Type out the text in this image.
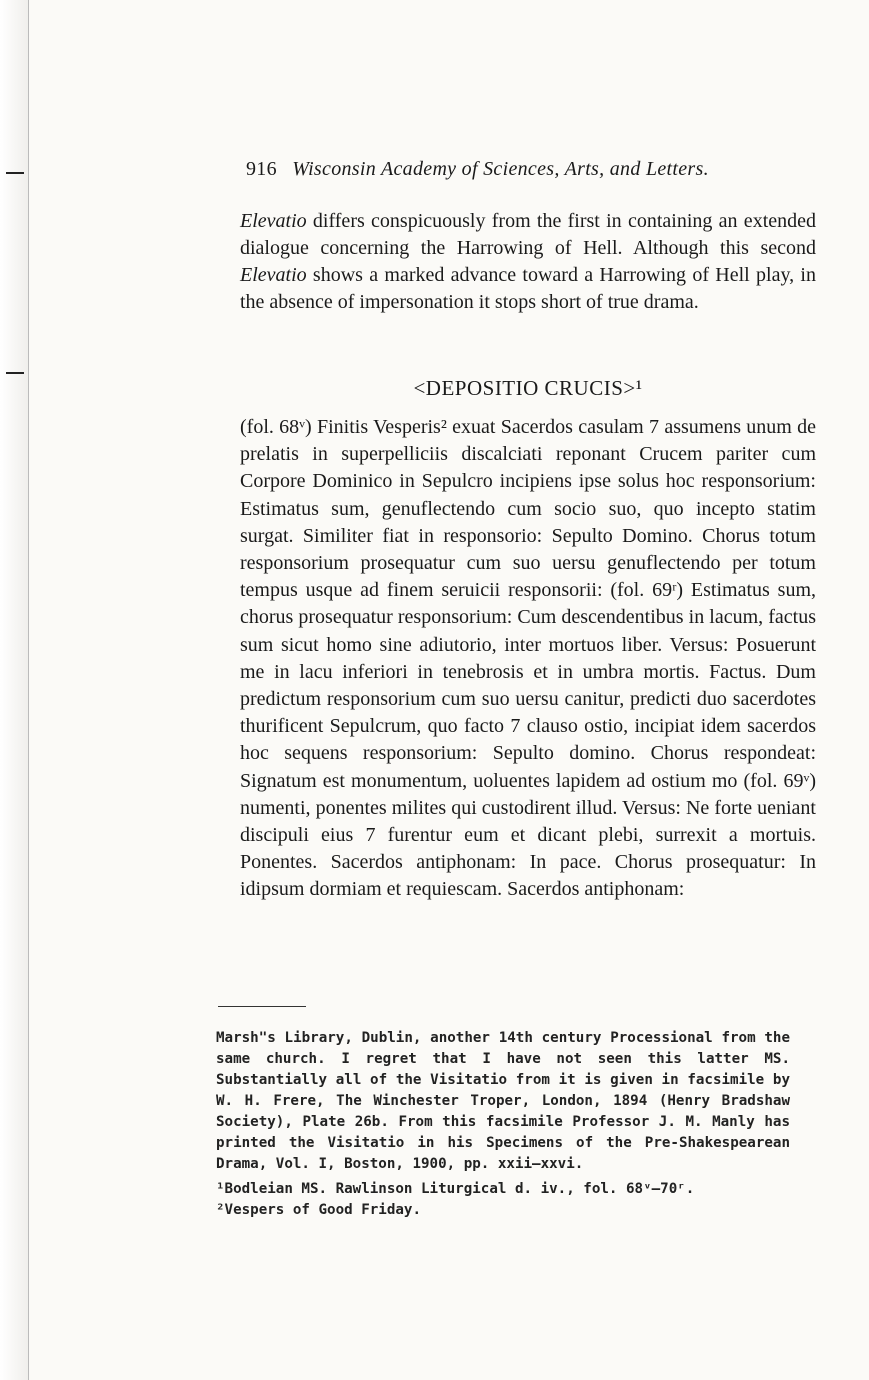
916 Wisconsin Academy of Sciences, Arts, and Letters.
Elevatio differs conspicuously from the first in containing an extended dialogue concerning the Harrowing of Hell. Although this second Elevatio shows a marked advance toward a Harrowing of Hell play, in the absence of impersonation it stops short of true drama.
<DEPOSITIO CRUCIS>¹

(fol. 68ᵛ) Finitis Vesperis² exuat Sacerdos casulam 7 assumens unum de prelatis in superpelliciis discalciati reponant Crucem pariter cum Corpore Dominico in Sepulcro incipiens ipse solus hoc responsorium: Estimatus sum, genuflectendo cum socio suo, quo incepto statim surgat. Similiter fiat in responsorio: Sepulto Domino. Chorus totum responsorium prosequatur cum suo uersu genuflectendo per totum tempus usque ad finem seruicii responsorii: (fol. 69ʳ) Estimatus sum, chorus prosequatur responsorium: Cum descendentibus in lacum, factus sum sicut homo sine adiutorio, inter mortuos liber. Versus: Posuerunt me in lacu inferiori in tenebrosis et in umbra mortis. Factus. Dum predictum responsorium cum suo uersu canitur, predicti duo sacerdotes thurificent Sepulcrum, quo facto 7 clauso ostio, incipiat idem sacerdos hoc sequens responsorium: Sepulto domino. Chorus respondeat: Signatum est monumentum, uoluentes lapidem ad ostium mo (fol. 69ᵛ) numenti, ponentes milites qui custodirent illud. Versus: Ne forte ueniant discipuli eius 7 furentur eum et dicant plebi, surrexit a mortuis. Ponentes. Sacerdos antiphonam: In pace. Chorus prosequatur: In idipsum dormiam et requiescam. Sacerdos antiphonam:

Marsh"s Library, Dublin, another 14th century Processional from the same church. I regret that I have not seen this latter MS. Substantially all of the Visitatio from it is given in facsimile by W. H. Frere, The Winchester Troper, London, 1894 (Henry Bradshaw Society), Plate 26b. From this facsimile Professor J. M. Manly has printed the Visitatio in his Specimens of the Pre-Shakespearean Drama, Vol. I, Boston, 1900, pp. xxii–xxvi.

¹Bodleian MS. Rawlinson Liturgical d. iv., fol. 68ᵛ–70ʳ.

²Vespers of Good Friday.
